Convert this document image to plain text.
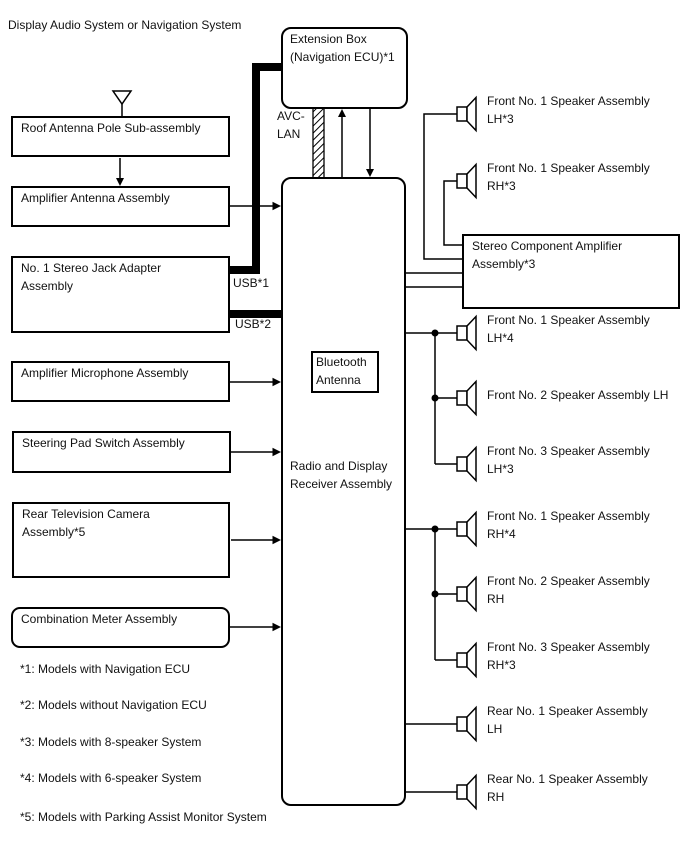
Display Audio System or Navigation System
Roof Antenna Pole Sub-assembly
Amplifier Antenna Assembly
No. 1 Stereo Jack Adapter Assembly
Amplifier Microphone Assembly
Steering Pad Switch Assembly
Rear Television Camera Assembly*5
Combination Meter Assembly
Extension Box (Navigation ECU)*1
Bluetooth Antenna
Radio and Display Receiver Assembly
Stereo Component Amplifier Assembly*3
AVC-
LAN
USB*1
USB*2
Front No. 1 Speaker Assembly
LH*3
Front No. 1 Speaker Assembly
RH*3
Front No. 1 Speaker Assembly
LH*4
Front No. 2 Speaker Assembly LH
Front No. 3 Speaker Assembly
LH*3
Front No. 1 Speaker Assembly
RH*4
Front No. 2 Speaker Assembly
RH
Front No. 3 Speaker Assembly
RH*3
Rear No. 1 Speaker Assembly
LH
Rear No. 1 Speaker Assembly
RH
*1: Models with Navigation ECU
*2: Models without Navigation ECU
*3: Models with 8-speaker System
*4: Models with 6-speaker System
*5: Models with Parking Assist Monitor System
